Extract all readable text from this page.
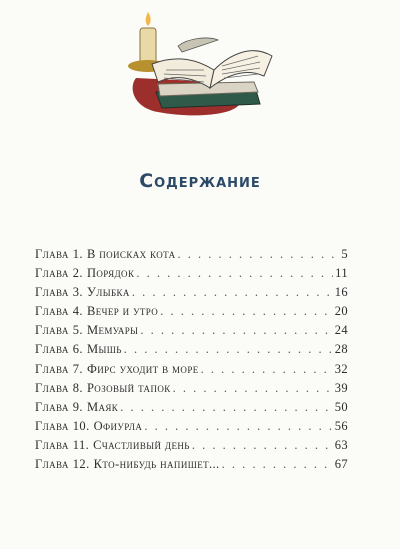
Содержание
Глава 1. В поисках кота . . .	5
Глава 2. Порядок . . .	11
Глава 3. Улыбка . . .	16
Глава 4. Вечер и утро . . .	20
Глава 5. Мемуары . . .	24
Глава 6. Мышь . . .	28
Глава 7. Фирс уходит в море . . .	32
Глава 8. Розовый тапок . . .	39
Глава 9. Маяк . . .	50
Глава 10. Офиурла . . .	56
Глава 11. Счастливый день . . .	63
Глава 12. Кто-нибудь напишет... . . .	67
